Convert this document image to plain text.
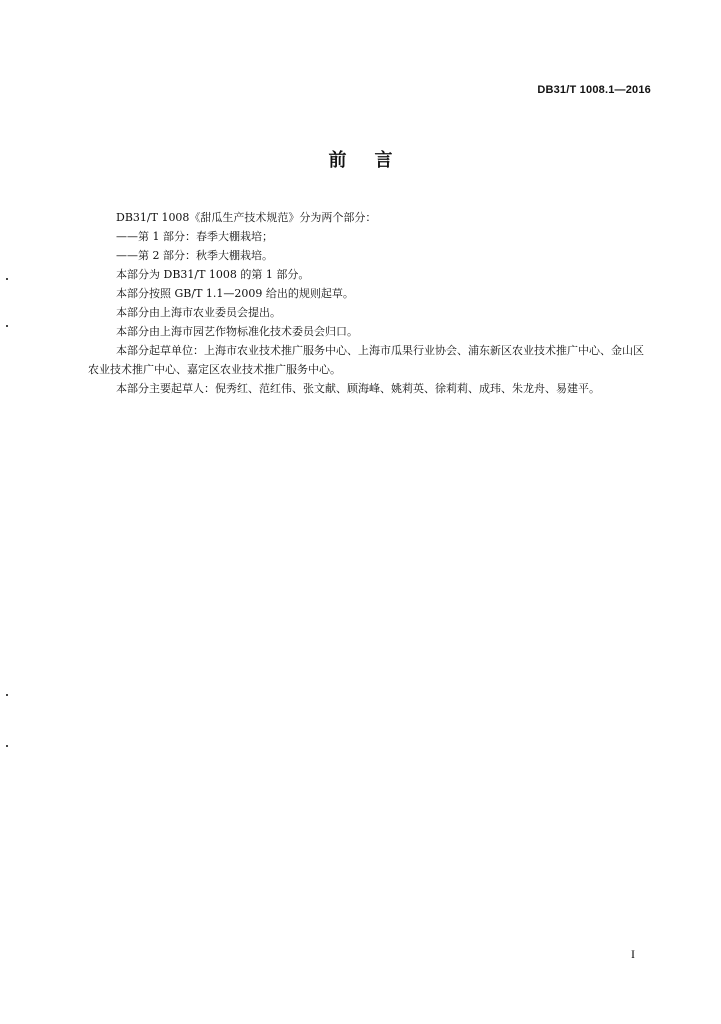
DB31/T 1008.1—2016
前言

DB31/T 1008《甜瓜生产技术规范》分为两个部分：

——第 1 部分：春季大棚栽培；

——第 2 部分：秋季大棚栽培。

本部分为 DB31/T 1008 的第 1 部分。

本部分按照 GB/T 1.1—2009 给出的规则起草。

本部分由上海市农业委员会提出。

本部分由上海市园艺作物标准化技术委员会归口。

本部分起草单位：上海市农业技术推广服务中心、上海市瓜果行业协会、浦东新区农业技术推广中心、金山区农业技术推广中心、嘉定区农业技术推广服务中心。

本部分主要起草人：倪秀红、范红伟、张文献、顾海峰、姚莉英、徐莉莉、成玮、朱龙舟、易建平。

I
